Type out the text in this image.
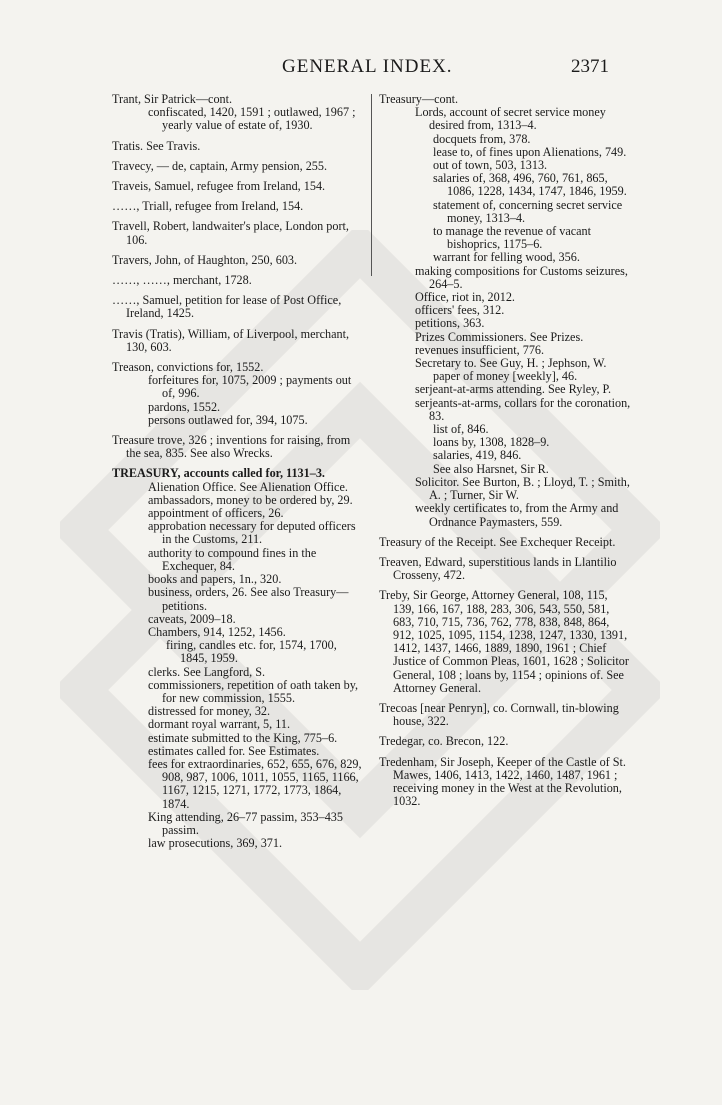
GENERAL INDEX.	2371
Trant, Sir Patrick—cont.
confiscated, 1420, 1591 ; outlawed, 1967 ; yearly value of estate of, 1930.
Tratis. See Travis.
Travecy, — de, captain, Army pension, 255.
Traveis, Samuel, refugee from Ireland, 154.
……, Triall, refugee from Ireland, 154.
Travell, Robert, landwaiter's place, London port, 106.
Travers, John, of Haughton, 250, 603.
……, ……, merchant, 1728.
……, Samuel, petition for lease of Post Office, Ireland, 1425.
Travis (Tratis), William, of Liverpool, merchant, 130, 603.
Treason, convictions for, 1552.
forfeitures for, 1075, 2009 ; payments out of, 996.
pardons, 1552.
persons outlawed for, 394, 1075.
Treasure trove, 326 ; inventions for raising, from the sea, 835. See also Wrecks.
TREASURY, accounts called for, 1131–3.
Alienation Office. See Alienation Office.
ambassadors, money to be ordered by, 29.
appointment of officers, 26.
approbation necessary for deputed officers in the Customs, 211.
authority to compound fines in the Exchequer, 84.
books and papers, 1n., 320.
business, orders, 26. See also Treasury—petitions.
caveats, 2009–18.
Chambers, 914, 1252, 1456.
firing, candles etc. for, 1574, 1700, 1845, 1959.
clerks. See Langford, S.
commissioners, repetition of oath taken by, for new commission, 1555.
distressed for money, 32.
dormant royal warrant, 5, 11.
estimate submitted to the King, 775–6.
estimates called for. See Estimates.
fees for extraordinaries, 652, 655, 676, 829, 908, 987, 1006, 1011, 1055, 1165, 1166, 1167, 1215, 1271, 1772, 1773, 1864, 1874.
King attending, 26–77 passim, 353–435 passim.
law prosecutions, 369, 371.
Treasury—cont.
Lords, account of secret service money desired from, 1313–4.
docquets from, 378.
lease to, of fines upon Alienations, 749.
out of town, 503, 1313.
salaries of, 368, 496, 760, 761, 865, 1086, 1228, 1434, 1747, 1846, 1959.
statement of, concerning secret service money, 1313–4.
to manage the revenue of vacant bishoprics, 1175–6.
warrant for felling wood, 356.
making compositions for Customs seizures, 264–5.
Office, riot in, 2012.
officers' fees, 312.
petitions, 363.
Prizes Commissioners. See Prizes.
revenues insufficient, 776.
Secretary to. See Guy, H. ; Jephson, W.
paper of money [weekly], 46.
serjeant-at-arms attending. See Ryley, P.
serjeants-at-arms, collars for the coronation, 83.
list of, 846.
loans by, 1308, 1828–9.
salaries, 419, 846.
See also Harsnet, Sir R.
Solicitor. See Burton, B. ; Lloyd, T. ; Smith, A. ; Turner, Sir W.
weekly certificates to, from the Army and Ordnance Paymasters, 559.
Treasury of the Receipt. See Exchequer Receipt.
Treaven, Edward, superstitious lands in Llantilio Crosseny, 472.
Treby, Sir George, Attorney General, 108, 115, 139, 166, 167, 188, 283, 306, 543, 550, 581, 683, 710, 715, 736, 762, 778, 838, 848, 864, 912, 1025, 1095, 1154, 1238, 1247, 1330, 1391, 1412, 1437, 1466, 1889, 1890, 1961 ; Chief Justice of Common Pleas, 1601, 1628 ; Solicitor General, 108 ; loans by, 1154 ; opinions of. See Attorney General.
Trecoas [near Penryn], co. Cornwall, tin-blowing house, 322.
Tredegar, co. Brecon, 122.
Tredenham, Sir Joseph, Keeper of the Castle of St. Mawes, 1406, 1413, 1422, 1460, 1487, 1961 ; receiving money in the West at the Revolution, 1032.
